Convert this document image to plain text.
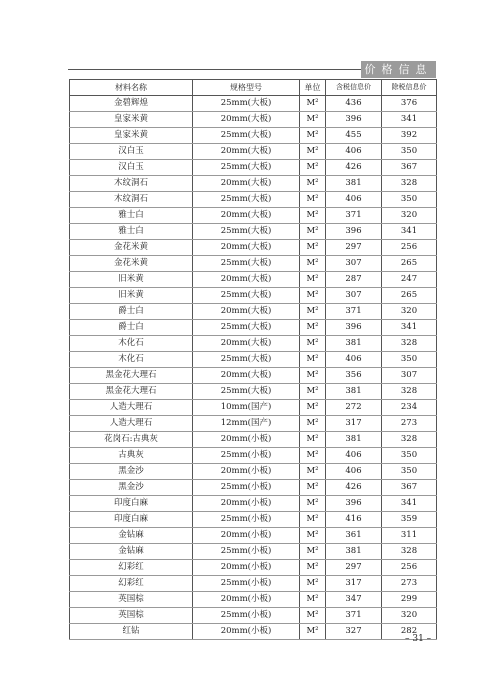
价格信息
材料名称	规格型号	单位	含税信息价	除税信息价
金碧辉煌	25mm(大板)	M²	436	376
皇家米黄	20mm(大板)	M²	396	341
皇家米黄	25mm(大板)	M²	455	392
汉白玉	20mm(大板)	M²	406	350
汉白玉	25mm(大板)	M²	426	367
木纹洞石	20mm(大板)	M²	381	328
木纹洞石	25mm(大板)	M²	406	350
雅士白	20mm(大板)	M²	371	320
雅士白	25mm(大板)	M²	396	341
金花米黄	20mm(大板)	M²	297	256
金花米黄	25mm(大板)	M²	307	265
旧米黄	20mm(大板)	M²	287	247
旧米黄	25mm(大板)	M²	307	265
爵士白	20mm(大板)	M²	371	320
爵士白	25mm(大板)	M²	396	341
木化石	20mm(大板)	M²	381	328
木化石	25mm(大板)	M²	406	350
黑金花大理石	20mm(大板)	M²	356	307
黑金花大理石	25mm(大板)	M²	381	328
人造大理石	10mm(国产)	M²	272	234
人造大理石	12mm(国产)	M²	317	273
花岗石:古典灰	20mm(小板)	M²	381	328
古典灰	25mm(小板)	M²	406	350
黑金沙	20mm(小板)	M²	406	350
黑金沙	25mm(小板)	M²	426	367
印度白麻	20mm(小板)	M²	396	341
印度白麻	25mm(小板)	M²	416	359
金钻麻	20mm(小板)	M²	361	311
金钻麻	25mm(小板)	M²	381	328
幻彩红	20mm(小板)	M²	297	256
幻彩红	25mm(小板)	M²	317	273
英国棕	20mm(小板)	M²	347	299
英国棕	25mm(小板)	M²	371	320
红钻	20mm(小板)	M²	327	282
– 31 –
